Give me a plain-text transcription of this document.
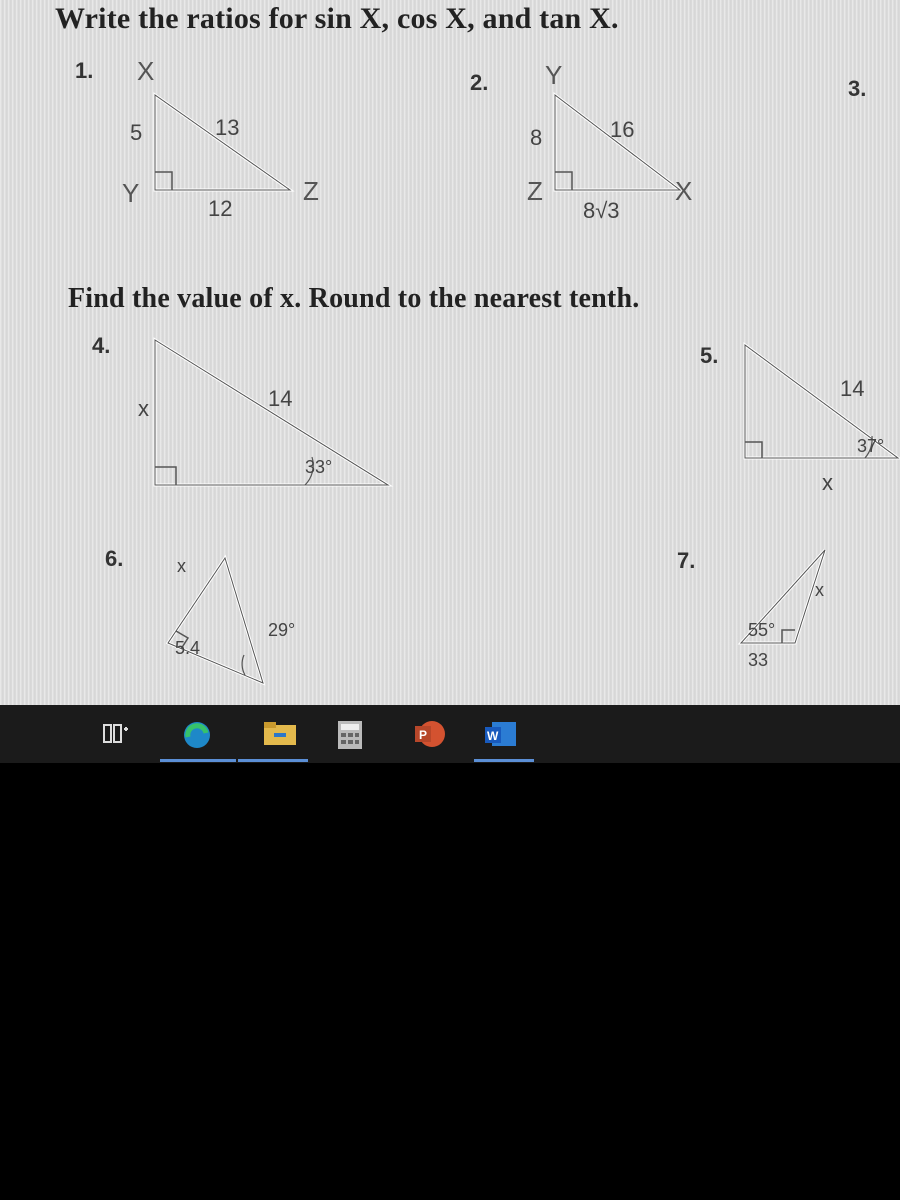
Write the ratios for sin X, cos X, and tan X.
1. X
Y	Z
5	13
12
2. Y
Z	X
8	16
8√3
3.
Find the value of x. Round to the nearest tenth.
4.
x	14
33°
5.
14
37°
x
6.	x
5.4
29°
7.
x
55°
33
P	W
